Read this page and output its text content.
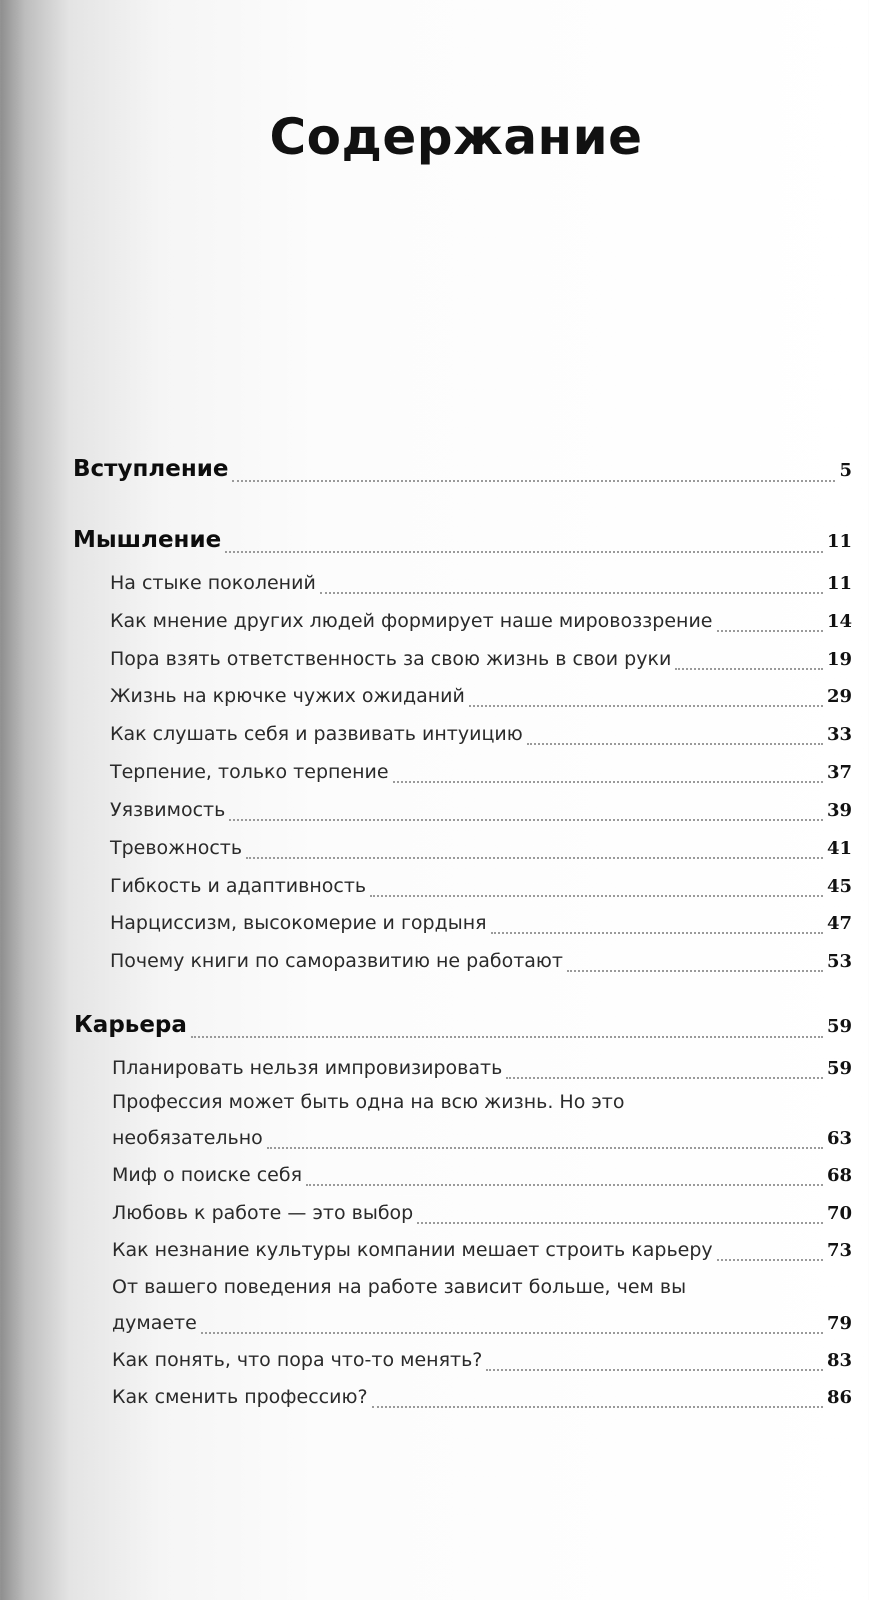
Содержание
Вступление	5
Мышление	11
На стыке поколений	11
Как мнение других людей формирует наше мировоззрение	14
Пора взять ответственность за свою жизнь в свои руки	19
Жизнь на крючке чужих ожиданий	29
Как слушать себя и развивать интуицию	33
Терпение, только терпение	37
Уязвимость	39
Тревожность	41
Гибкость и адаптивность	45
Нарциссизм, высокомерие и гордыня	47
Почему книги по саморазвитию не работают	53
Карьера	59
Планировать нельзя импровизировать	59
Профессия может быть одна на всю жизнь. Но это
необязательно	63
Миф о поиске себя	68
Любовь к работе — это выбор	70
Как незнание культуры компании мешает строить карьеру	73
От вашего поведения на работе зависит больше, чем вы
думаете	79
Как понять, что пора что-то менять?	83
Как сменить профессию?	86
